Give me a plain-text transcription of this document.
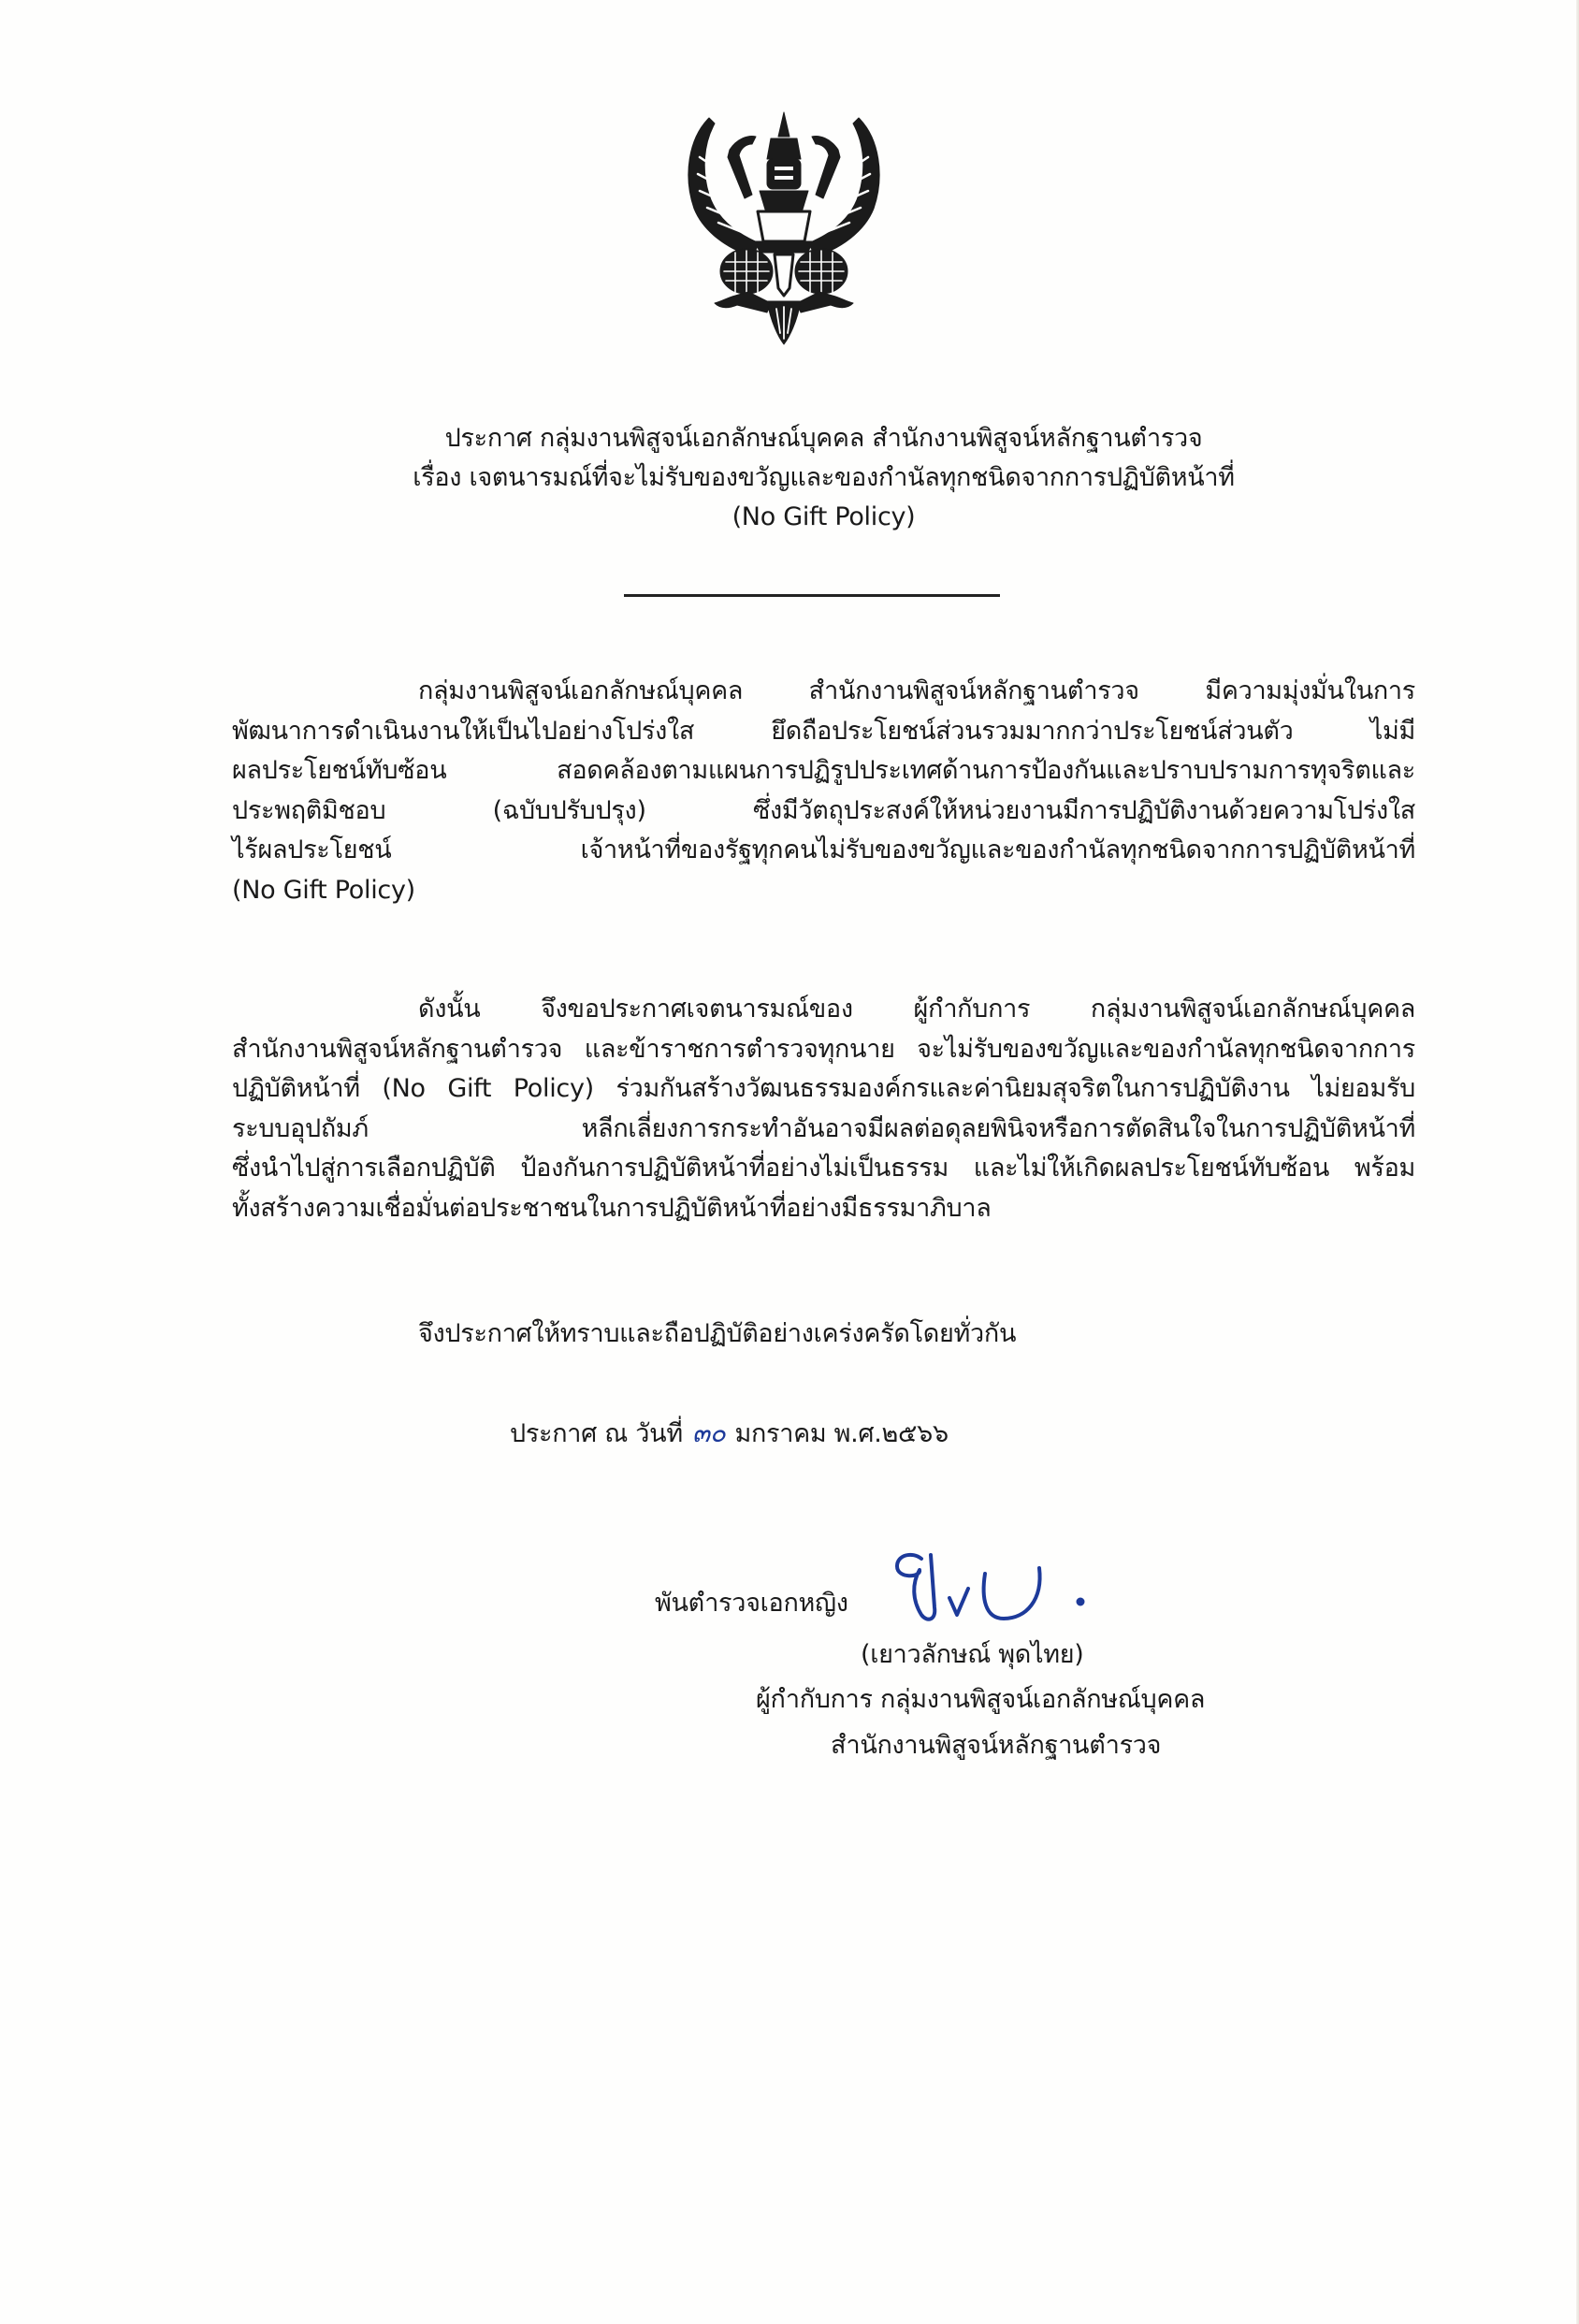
ประกาศ กลุ่มงานพิสูจน์เอกลักษณ์บุคคล สำนักงานพิสูจน์หลักฐานตำรวจ
เรื่อง เจตนารมณ์ที่จะไม่รับของขวัญและของกำนัลทุกชนิดจากการปฏิบัติหน้าที่
(No Gift Policy)
กลุ่มงานพิสูจน์เอกลักษณ์บุคคล สำนักงานพิสูจน์หลักฐานตำรวจ มีความมุ่งมั่นในการ
พัฒนาการดำเนินงานให้เป็นไปอย่างโปร่งใส ยึดถือประโยชน์ส่วนรวมมากกว่าประโยชน์ส่วนตัว ไม่มี
ผลประโยชน์ทับซ้อน สอดคล้องตามแผนการปฏิรูปประเทศด้านการป้องกันและปราบปรามการทุจริตและ
ประพฤติมิชอบ (ฉบับปรับปรุง) ซึ่งมีวัตถุประสงค์ให้หน่วยงานมีการปฏิบัติงานด้วยความโปร่งใส
ไร้ผลประโยชน์ เจ้าหน้าที่ของรัฐทุกคนไม่รับของขวัญและของกำนัลทุกชนิดจากการปฏิบัติหน้าที่
(No Gift Policy)
ดังนั้น จึงขอประกาศเจตนารมณ์ของ ผู้กำกับการ กลุ่มงานพิสูจน์เอกลักษณ์บุคคล
สำนักงานพิสูจน์หลักฐานตำรวจ และข้าราชการตำรวจทุกนาย จะไม่รับของขวัญและของกำนัลทุกชนิดจากการ
ปฏิบัติหน้าที่ (No Gift Policy) ร่วมกันสร้างวัฒนธรรมองค์กรและค่านิยมสุจริตในการปฏิบัติงาน ไม่ยอมรับ
ระบบอุปถัมภ์ หลีกเลี่ยงการกระทำอันอาจมีผลต่อดุลยพินิจหรือการตัดสินใจในการปฏิบัติหน้าที่
ซึ่งนำไปสู่การเลือกปฏิบัติ ป้องกันการปฏิบัติหน้าที่อย่างไม่เป็นธรรม และไม่ให้เกิดผลประโยชน์ทับซ้อน พร้อม
ทั้งสร้างความเชื่อมั่นต่อประชาชนในการปฏิบัติหน้าที่อย่างมีธรรมาภิบาล
จึงประกาศให้ทราบและถือปฏิบัติอย่างเคร่งครัดโดยทั่วกัน
ประกาศ ณ วันที่ ๓๐ มกราคม พ.ศ.๒๕๖๖
พันตำรวจเอกหญิง
(เยาวลักษณ์ พุดไทย)
ผู้กำกับการ กลุ่มงานพิสูจน์เอกลักษณ์บุคคล
สำนักงานพิสูจน์หลักฐานตำรวจ
